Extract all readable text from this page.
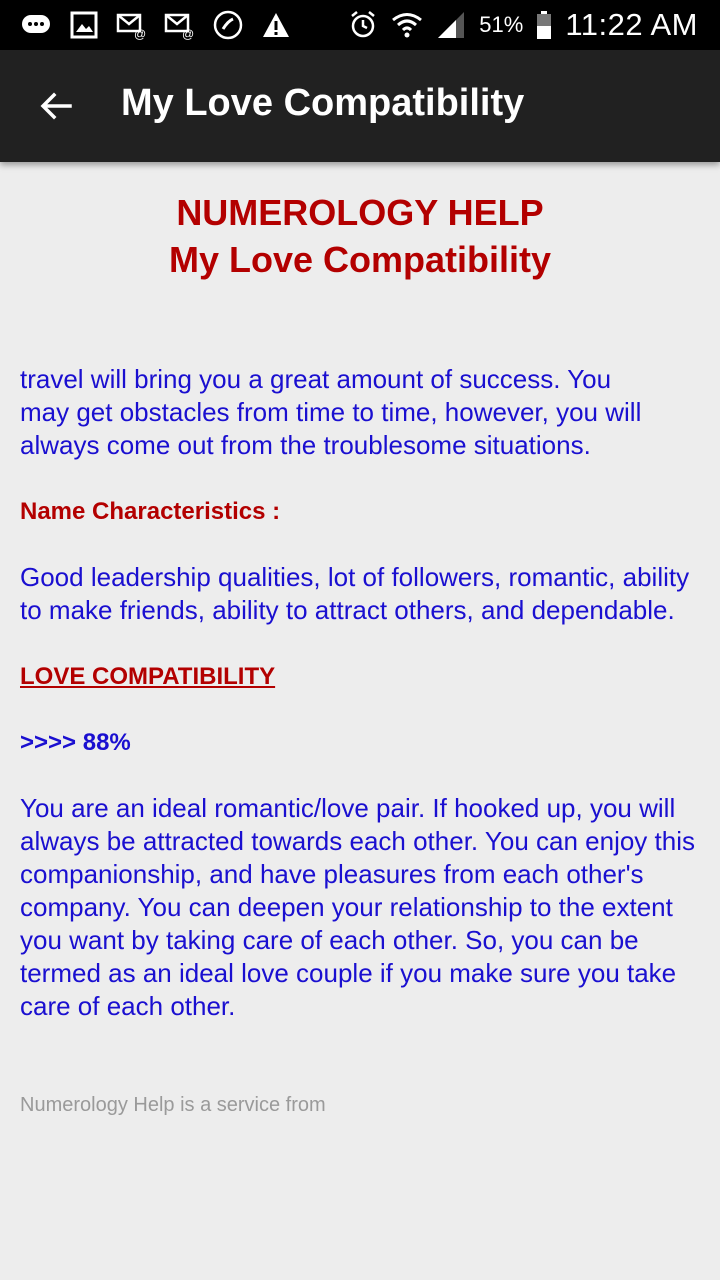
@	@	51% 11:22 AM
My Love Compatibility
NUMEROLOGY HELP
My Love Compatibility
travel will bring you a great amount of success. You
may get obstacles from time to time, however, you will always come out from the troublesome situations.
Name Characteristics :
Good leadership qualities, lot of followers, romantic, ability to make friends, ability to attract others, and dependable.
LOVE COMPATIBILITY
>>>> 88%
You are an ideal romantic/love pair. If hooked up, you will always be attracted towards each other. You can enjoy this companionship, and have pleasures from each other's company. You can deepen your relationship to the extent you want by taking care of each other. So, you can be termed as an ideal love couple if you make sure you take care of each other.
Numerology Help is a service from
